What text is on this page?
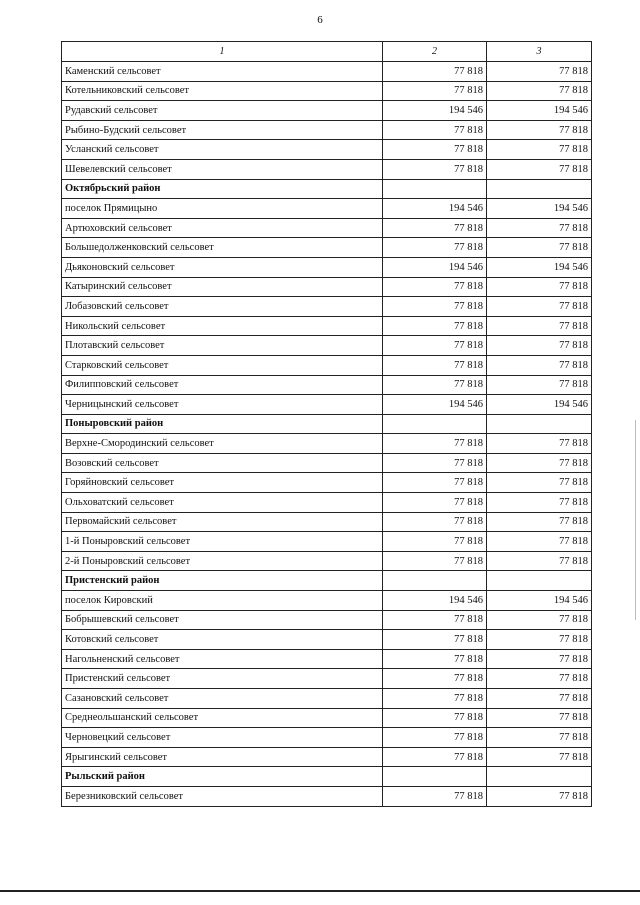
6
1	2	3
Каменский сельсовет	77 818	77 818
Котельниковский сельсовет	77 818	77 818
Рудавский сельсовет	194 546	194 546
Рыбино-Будский сельсовет	77 818	77 818
Усланский сельсовет	77 818	77 818
Шевелевский сельсовет	77 818	77 818
Октябрьский район		
поселок Прямицыно	194 546	194 546
Артюховский сельсовет	77 818	77 818
Большедолженковский сельсовет	77 818	77 818
Дьяконовский сельсовет	194 546	194 546
Катыринский сельсовет	77 818	77 818
Лобазовский сельсовет	77 818	77 818
Никольский сельсовет	77 818	77 818
Плотавский сельсовет	77 818	77 818
Старковский сельсовет	77 818	77 818
Филипповский сельсовет	77 818	77 818
Черницынский сельсовет	194 546	194 546
Поныровский район		
Верхне-Смородинский сельсовет	77 818	77 818
Возовский сельсовет	77 818	77 818
Горяйновский сельсовет	77 818	77 818
Ольховатский сельсовет	77 818	77 818
Первомайский сельсовет	77 818	77 818
1-й Поныровский сельсовет	77 818	77 818
2-й Поныровский сельсовет	77 818	77 818
Пристенский район		
поселок Кировский	194 546	194 546
Бобрышевский сельсовет	77 818	77 818
Котовский сельсовет	77 818	77 818
Нагольненский сельсовет	77 818	77 818
Пристенский сельсовет	77 818	77 818
Сазановский сельсовет	77 818	77 818
Среднеольшанский сельсовет	77 818	77 818
Черновецкий сельсовет	77 818	77 818
Ярыгинский сельсовет	77 818	77 818
Рыльский район		
Березниковский сельсовет	77 818	77 818
